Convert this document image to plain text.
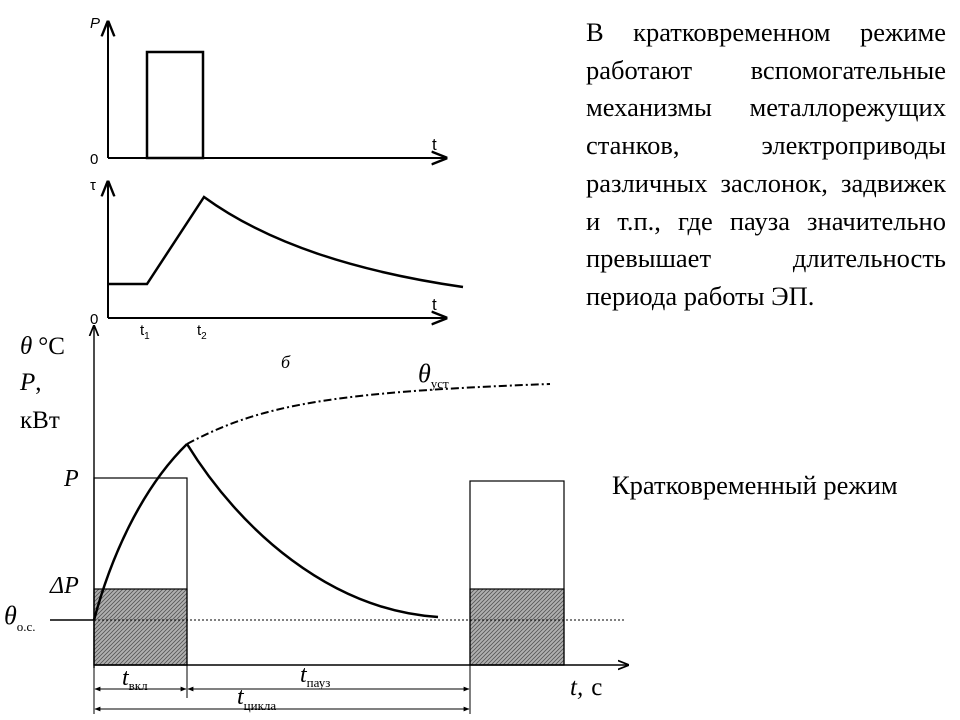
P
t
0
τ
t
0
$t_1$	$t_2$
б
θ °C
P,
кВт
P
ΔP
$\theta_{о.с.}$
$\theta_{уст}$
t, с
$t_{вкл}$	$t_{пауз}$
$t_{цикла}$
В кратковременном режиме работают вспомогательные механизмы металлорежущих станков, электроприводы различных заслонок, задвижек и т.п., где пауза значительно превышает длительность периода работы ЭП.
Кратковременный режим
